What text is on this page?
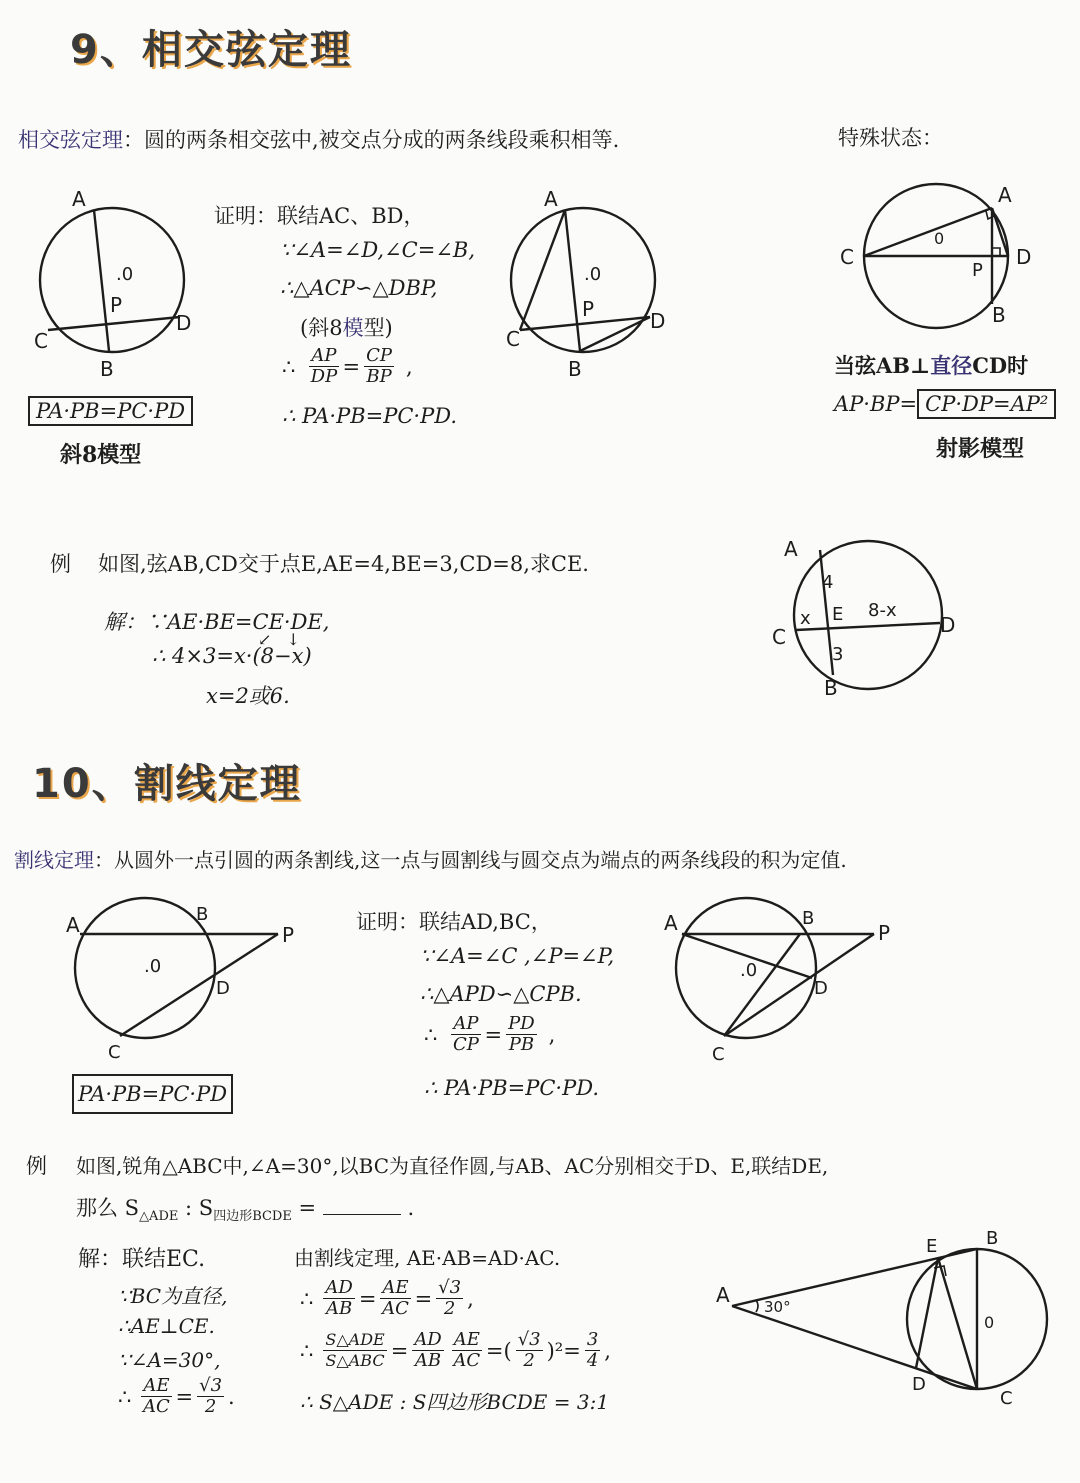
9、相交弦定理
相交弦定理：圆的两条相交弦中,被交点分成的两条线段乘积相等.	特殊状态：
A
B
C
D
P
.0
PA·PB=PC·PD
斜8模型
证明：联结AC、BD，
∵∠A=∠D,∠C=∠B,
∴△ACP∽△DBP,
(斜8模型)
∴ $\frac{AP}{DP} = \frac{CP}{BP}$ ,
∴ PA·PB=PC·PD.
A
B
C
D
P
.0
A
B
C	D
P
0
当弦AB⊥直径CD时
AP·BP= CP·DP=AP²
射影模型
例 如图,弦AB,CD交于点E,AE=4,BE=3,CD=8,求CE.
解：∵AE·BE=CE·DE,
↙   ↓
∴ 4×3=x·(8−x)
x=2或6.
A
B
C	D
E
4
3
x	8-x
10、割线定理
割线定理：从圆外一点引圆的两条割线,这一点与圆割线与圆交点为端点的两条线段的积为定值.
A	B
C
D
P
.0
PA·PB=PC·PD
证明：联结AD,BC，
∵∠A=∠C ,∠P=∠P,
∴△APD∽△CPB.
∴ $\frac{AP}{CP} = \frac{PD}{PB}$ ,
∴ PA·PB=PC·PD.
A	B
C
D
P
.0
例 如图,锐角△ABC中,∠A=30°,以BC为直径作圆,与AB、AC分别相交于D、E,联结DE,
那么 $S_{\triangle ADE}$ : $S_{四边形BCDE}$ =	.
解：联结EC.
∵BC为直径,
∴AE⊥CE.
∵∠A=30°,
∴ $\frac{AE}{AC} = \frac{√3}{2}$ .
由割线定理, AE·AB=AD·AC.
∴ $\frac{AD}{AB} = \frac{AE}{AC} = \frac{√3}{2}$ ,
∴ $\frac{\text{S△ADE}}{\text{S△ABC}} = \frac{AD}{AB} \frac{AE}{AC}$ =( $\frac{√3}{2} )^2= \frac{3}{4}$ ,
∴ S△ADE : S四边形BCDE = 3:1
A
B
C
D
E
0
30°
